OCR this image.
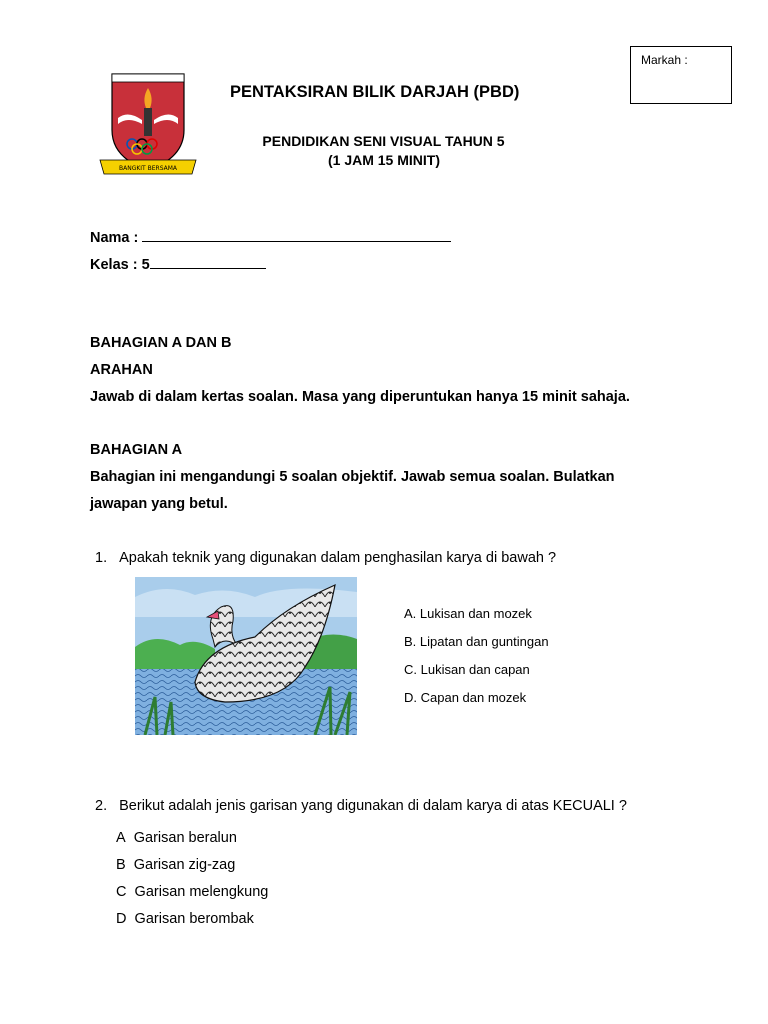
Markah :
BANGKIT BERSAMA
PENTAKSIRAN BILIK DARJAH (PBD)
PENDIDIKAN SENI VISUAL TAHUN 5
(1 JAM 15 MINIT)
Nama :
Kelas : 5
BAHAGIAN A DAN B
ARAHAN
Jawab di dalam kertas soalan. Masa yang diperuntukan hanya 15 minit sahaja.
BAHAGIAN A
Bahagian ini mengandungi 5 soalan objektif. Jawab semua soalan. Bulatkan
jawapan yang betul.
1. Apakah teknik yang digunakan dalam penghasilan karya di bawah ?
A. Lukisan dan mozek
B. Lipatan dan guntingan
C. Lukisan dan capan
D. Capan dan mozek
2. Berikut adalah jenis garisan yang digunakan di dalam karya di atas KECUALI ?
A Garisan beralun
B Garisan zig-zag
C Garisan melengkung
D Garisan berombak
